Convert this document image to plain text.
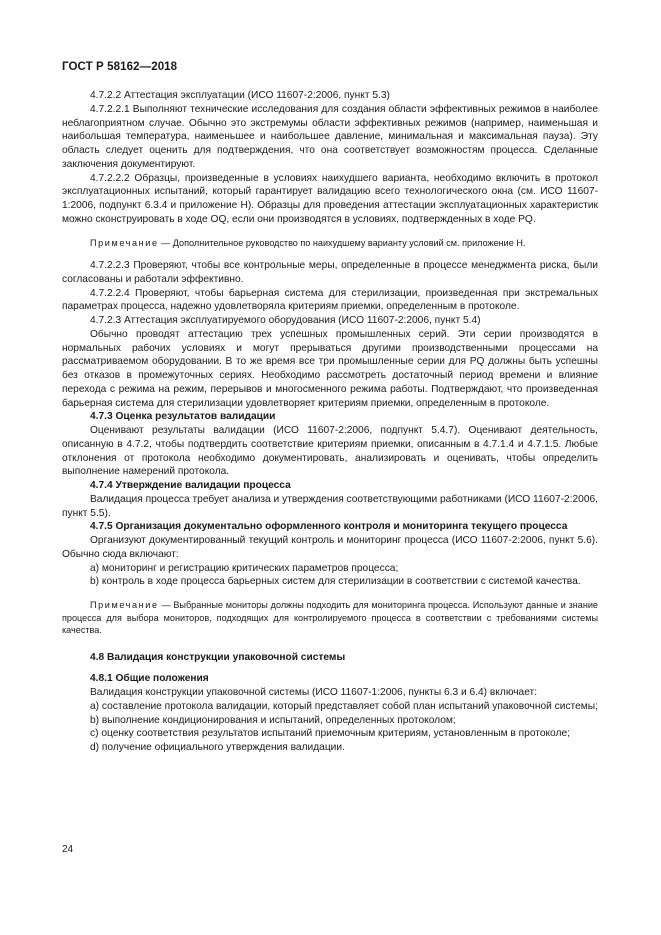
ГОСТ Р 58162—2018

4.7.2.2 Аттестация эксплуатации (ИСО 11607-2:2006, пункт 5.3)

4.7.2.2.1 Выполняют технические исследования для создания области эффективных режимов в наиболее неблагоприятном случае. Обычно это экстремумы области эффективных режимов (например, наименьшая и наибольшая температура, наименьшее и наибольшее давление, минимальная и максимальная пауза). Эту область следует оценить для подтверждения, что она соответствует возможностям процесса. Сделанные заключения документируют.

4.7.2.2.2 Образцы, произведенные в условиях наихудшего варианта, необходимо включить в протокол эксплуатационных испытаний, который гарантирует валидацию всего технологического окна (см. ИСО 11607-1:2006, подпункт 6.3.4 и приложение Н). Образцы для проведения аттестации эксплуатационных характеристик можно сконструировать в ходе OQ, если они производятся в условиях, подтвержденных в ходе PQ.

Примечание — Дополнительное руководство по наихудшему варианту условий см. приложение Н.

4.7.2.2.3 Проверяют, чтобы все контрольные меры, определенные в процессе менеджмента риска, были согласованы и работали эффективно.

4.7.2.2.4 Проверяют, чтобы барьерная система для стерилизации, произведенная при экстремальных параметрах процесса, надежно удовлетворяла критериям приемки, определенным в протоколе.

4.7.2.3 Аттестация эксплуатируемого оборудования (ИСО 11607-2:2006, пункт 5.4)

Обычно проводят аттестацию трех успешных промышленных серий. Эти серии производятся в нормальных рабочих условиях и могут прерываться другими производственными процессами на рассматриваемом оборудовании. В то же время все три промышленные серии для PQ должны быть успешны без отказов в промежуточных сериях. Необходимо рассмотреть достаточный период времени и влияние перехода с режима на режим, перерывов и многосменного режима работы. Подтверждают, что произведенная барьерная система для стерилизации удовлетворяет критериям приемки, определенным в протоколе.

4.7.3 Оценка результатов валидации

Оценивают результаты валидации (ИСО 11607-2:2006, подпункт 5.4.7). Оценивают деятельность, описанную в 4.7.2, чтобы подтвердить соответствие критериям приемки, описанным в 4.7.1.4 и 4.7.1.5. Любые отклонения от протокола необходимо документировать, анализировать и оценивать, чтобы определить выполнение намерений протокола.

4.7.4 Утверждение валидации процесса

Валидация процесса требует анализа и утверждения соответствующими работниками (ИСО 11607-2:2006, пункт 5.5).

4.7.5 Организация документально оформленного контроля и мониторинга текущего процесса

Организуют документированный текущий контроль и мониторинг процесса (ИСО 11607-2:2006, пункт 5.6). Обычно сюда включают:

a) мониторинг и регистрацию критических параметров процесса;

b) контроль в ходе процесса барьерных систем для стерилизации в соответствии с системой качества.

Примечание — Выбранные мониторы должны подходить для мониторинга процесса. Используют данные и знание процесса для выбора мониторов, подходящих для контролируемого процесса в соответствии с требованиями системы качества.

4.8 Валидация конструкции упаковочной системы

4.8.1 Общие положения

Валидация конструкции упаковочной системы (ИСО 11607-1:2006, пункты 6.3 и 6.4) включает:

a) составление протокола валидации, который представляет собой план испытаний упаковочной системы;

b) выполнение кондиционирования и испытаний, определенных протоколом;

c) оценку соответствия результатов испытаний приемочным критериям, установленным в протоколе;

d) получение официального утверждения валидации.

24
